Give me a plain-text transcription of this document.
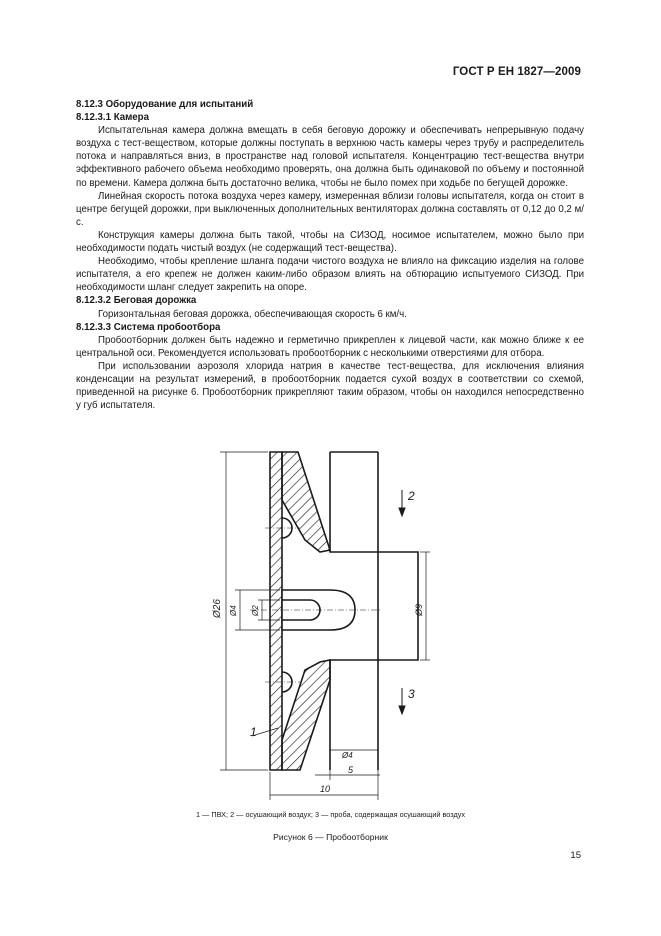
ГОСТ Р ЕН 1827—2009

8.12.3 Оборудование для испытаний

8.12.3.1 Камера

Испытательная камера должна вмещать в себя беговую дорожку и обеспечивать непрерывную подачу воздуха с тест-веществом, которые должны поступать в верхнюю часть камеры через трубу и распределитель потока и направляться вниз, в пространстве над головой испытателя. Концентрацию тест-вещества внутри эффективного рабочего объема необходимо проверять, она должна быть одинаковой по объему и постоянной по времени. Камера должна быть достаточно велика, чтобы не было помех при ходьбе по бегущей дорожке.

Линейная скорость потока воздуха через камеру, измеренная вблизи головы испытателя, когда он стоит в центре бегущей дорожки, при выключенных дополнительных вентиляторах должна составлять от 0,12 до 0,2 м/с.

Конструкция камеры должна быть такой, чтобы на СИЗОД, носимое испытателем, можно было при необходимости подать чистый воздух (не содержащий тест-вещества).

Необходимо, чтобы крепление шланга подачи чистого воздуха не влияло на фиксацию изделия на голове испытателя, а его крепеж не должен каким-либо образом влиять на обтюрацию испытуемого СИЗОД. При необходимости шланг следует закрепить на опоре.

8.12.3.2 Беговая дорожка

Горизонтальная беговая дорожка, обеспечивающая скорость 6 км/ч.

8.12.3.3 Система пробоотбора

Пробоотборник должен быть надежно и герметично прикреплен к лицевой части, как можно ближе к ее центральной оси. Рекомендуется использовать пробоотборник с несколькими отверстиями для отбора.

При использовании аэрозоля хлорида натрия в качестве тест-вещества, для исключения влияния конденсации на результат измерений, в пробоотборник подается сухой воздух в соответствии со схемой, приведенной на рисунке 6. Пробоотборник прикрепляют таким образом, чтобы он находился непосредственно у губ испытателя.

2
3
1
Ø26 Ø4 Ø2	Ø9
Ø4
5
10
1 — ПВХ; 2 — осушающий воздух; 3 — проба, содержащая осушающий воздух
Рисунок 6 — Пробоотборник
15
